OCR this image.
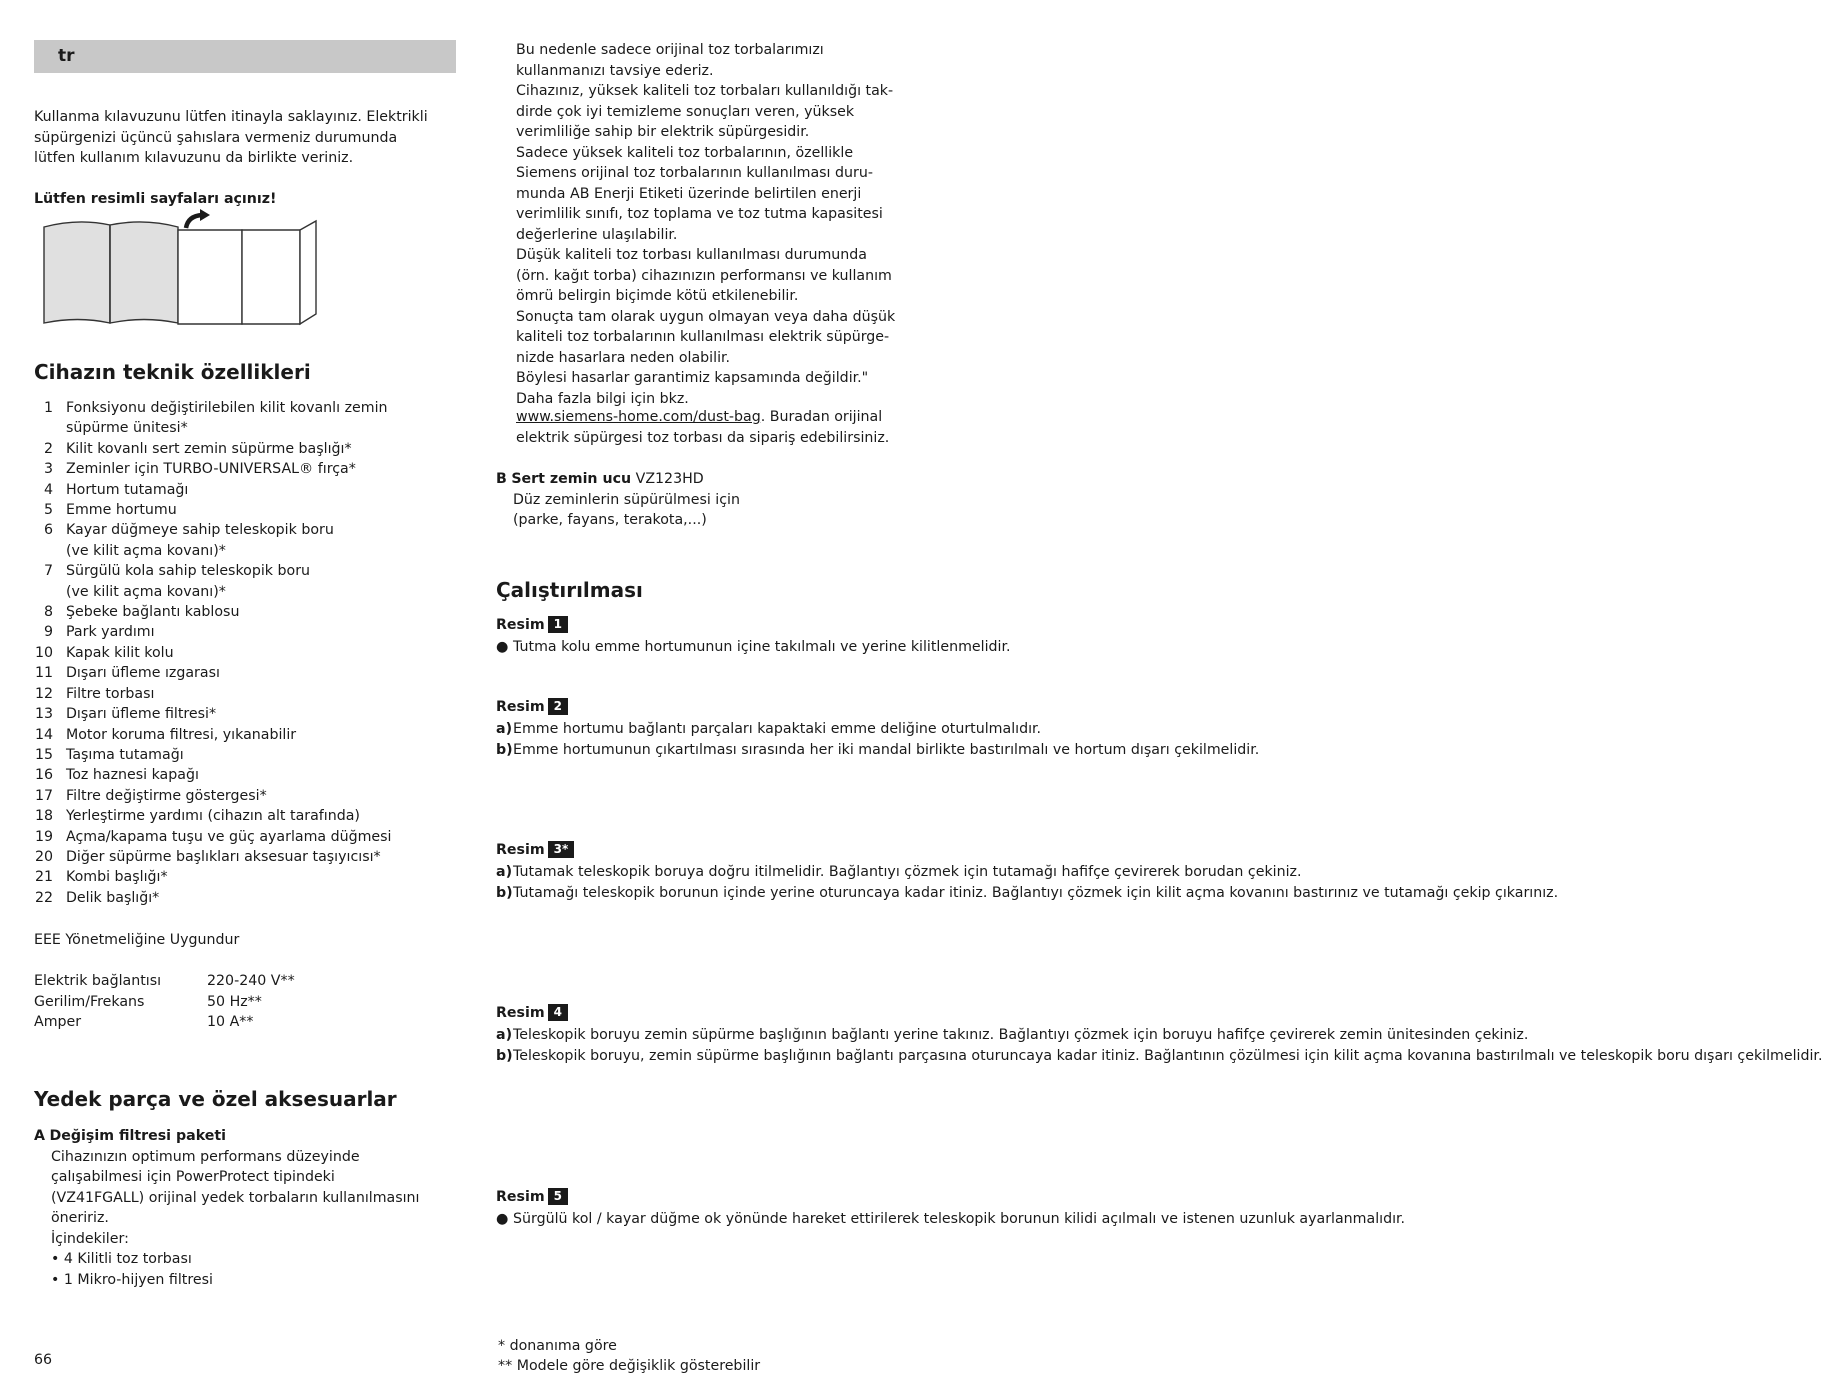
tr
Kullanma kılavuzunu lütfen itinayla saklayınız. Elektrikli
süpürgenizi üçüncü şahıslara vermeniz durumunda
lütfen kullanım kılavuzunu da birlikte veriniz.
Lütfen resimli sayfaları açınız!
Cihazın teknik özellikleri
1 Fonksiyonu değiştirilebilen kilit kovanlı zemin
süpürme ünitesi*
2 Kilit kovanlı sert zemin süpürme başlığı*
3 Zeminler için TURBO-UNIVERSAL® fırça*
4 Hortum tutamağı
5 Emme hortumu
6 Kayar düğmeye sahip teleskopik boru
(ve kilit açma kovanı)*
7 Sürgülü kola sahip teleskopik boru
(ve kilit açma kovanı)*
8 Şebeke bağlantı kablosu
9 Park yardımı
10 Kapak kilit kolu
11 Dışarı üfleme ızgarası
12 Filtre torbası
13 Dışarı üfleme filtresi*
14 Motor koruma filtresi, yıkanabilir
15 Taşıma tutamağı
16 Toz haznesi kapağı
17 Filtre değiştirme göstergesi*
18 Yerleştirme yardımı (cihazın alt tarafında)
19 Açma/kapama tuşu ve güç ayarlama düğmesi
20 Diğer süpürme başlıkları aksesuar taşıyıcısı*
21 Kombi başlığı*
22 Delik başlığı*
EEE Yönetmeliğine Uygundur
Elektrik bağlantısı	220-240 V**
Gerilim/Frekans	50 Hz**
Amper	10 A**
Yedek parça ve özel aksesuarlar
A Değişim filtresi paketi
Cihazınızın optimum performans düzeyinde
çalışabilmesi için PowerProtect tipindeki
(VZ41FGALL) orijinal yedek torbaların kullanılmasını
öneririz.
İçindekiler:
• 4 Kilitli toz torbası
• 1 Mikro-hijyen filtresi
66
Bu nedenle sadece orijinal toz torbalarımızı
kullanmanızı tavsiye ederiz.
Cihazınız, yüksek kaliteli toz torbaları kullanıldığı tak-
dirde çok iyi temizleme sonuçları veren, yüksek
verimliliğe sahip bir elektrik süpürgesidir.
Sadece yüksek kaliteli toz torbalarının, özellikle
Siemens orijinal toz torbalarının kullanılması duru-
munda AB Enerji Etiketi üzerinde belirtilen enerji
verimlilik sınıfı, toz toplama ve toz tutma kapasitesi
değerlerine ulaşılabilir.
Düşük kaliteli toz torbası kullanılması durumunda
(örn. kağıt torba) cihazınızın performansı ve kullanım
ömrü belirgin biçimde kötü etkilenebilir.
Sonuçta tam olarak uygun olmayan veya daha düşük
kaliteli toz torbalarının kullanılması elektrik süpürge-
nizde hasarlara neden olabilir.
Böylesi hasarlar garantimiz kapsamında değildir."
Daha fazla bilgi için bkz.
www.siemens-home.com/dust-bag. Buradan orijinal
elektrik süpürgesi toz torbası da sipariş edebilirsiniz.
B Sert zemin ucu VZ123HD
Düz zeminlerin süpürülmesi için
(parke, fayans, terakota,...)
Çalıştırılması
Resim 1
● Tutma kolu emme hortumunun içine takılmalı ve yerine kilitlenmelidir.
Resim 2
a) Emme hortumu bağlantı parçaları kapaktaki emme deliğine oturtulmalıdır.
b) Emme hortumunun çıkartılması sırasında her iki mandal birlikte bastırılmalı ve hortum dışarı çekilmelidir.
Resim 3*
a) Tutamak teleskopik boruya doğru itilmelidir. Bağlantıyı çözmek için tutamağı hafifçe çevirerek borudan çekiniz.
b) Tutamağı teleskopik borunun içinde yerine oturuncaya kadar itiniz. Bağlantıyı çözmek için kilit açma kovanını bastırınız ve tutamağı çekip çıkarınız.
Resim 4
a) Teleskopik boruyu zemin süpürme başlığının bağlantı yerine takınız. Bağlantıyı çözmek için boruyu hafifçe çevirerek zemin ünitesinden çekiniz.
b) Teleskopik boruyu, zemin süpürme başlığının bağlantı parçasına oturuncaya kadar itiniz. Bağlantının çözülmesi için kilit açma kovanına bastırılmalı ve teleskopik boru dışarı çekilmelidir.
Resim 5
● Sürgülü kol / kayar düğme ok yönünde hareket ettirilerek teleskopik borunun kilidi açılmalı ve istenen uzunluk ayarlanmalıdır.
* donanıma göre
** Modele göre değişiklik gösterebilir
